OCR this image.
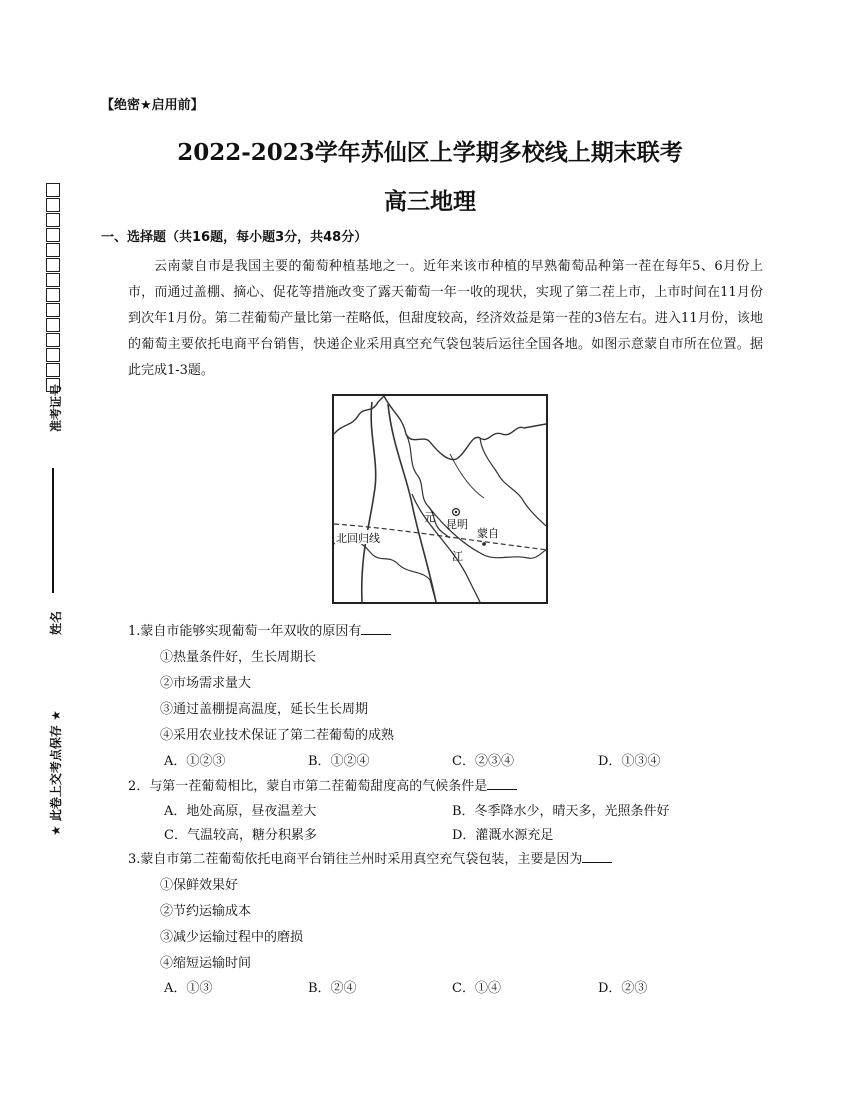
【绝密★启用前】
2022-2023学年苏仙区上学期多校线上期末联考
高三地理
准考证号
姓名
★ 此卷上交考点保存 ★
一、选择题（共16题，每小题3分，共48分）

云南蒙自市是我国主要的葡萄种植基地之一。近年来该市种植的早熟葡萄品种第一茬在每年5、6月份上市，而通过盖棚、摘心、促花等措施改变了露天葡萄一年一收的现状，实现了第二茬上市，上市时间在11月份到次年1月份。第二茬葡萄产量比第一茬略低，但甜度较高，经济效益是第一茬的3倍左右。进入11月份，该地的葡萄主要依托电商平台销售，快递企业采用真空充气袋包装后运往全国各地。如图示意蒙自市所在位置。据此完成1-3题。

昆明
蒙自
元
江
北回归线
1.蒙自市能够实现葡萄一年双收的原因有
①热量条件好，生长周期长
②市场需求量大
③通过盖棚提高温度，延长生长周期
④采用农业技术保证了第二茬葡萄的成熟
A．①②③	B．①②④	C．②③④	D．①③④
2．与第一茬葡萄相比，蒙自市第二茬葡萄甜度高的气候条件是
A．地处高原，昼夜温差大	B．冬季降水少，晴天多，光照条件好
C．气温较高，糖分积累多	D．灌溉水源充足
3.蒙自市第二茬葡萄依托电商平台销往兰州时采用真空充气袋包装，主要是因为
①保鲜效果好
②节约运输成本
③减少运输过程中的磨损
④缩短运输时间
A．①③	B．②④	C．①④	D．②③
